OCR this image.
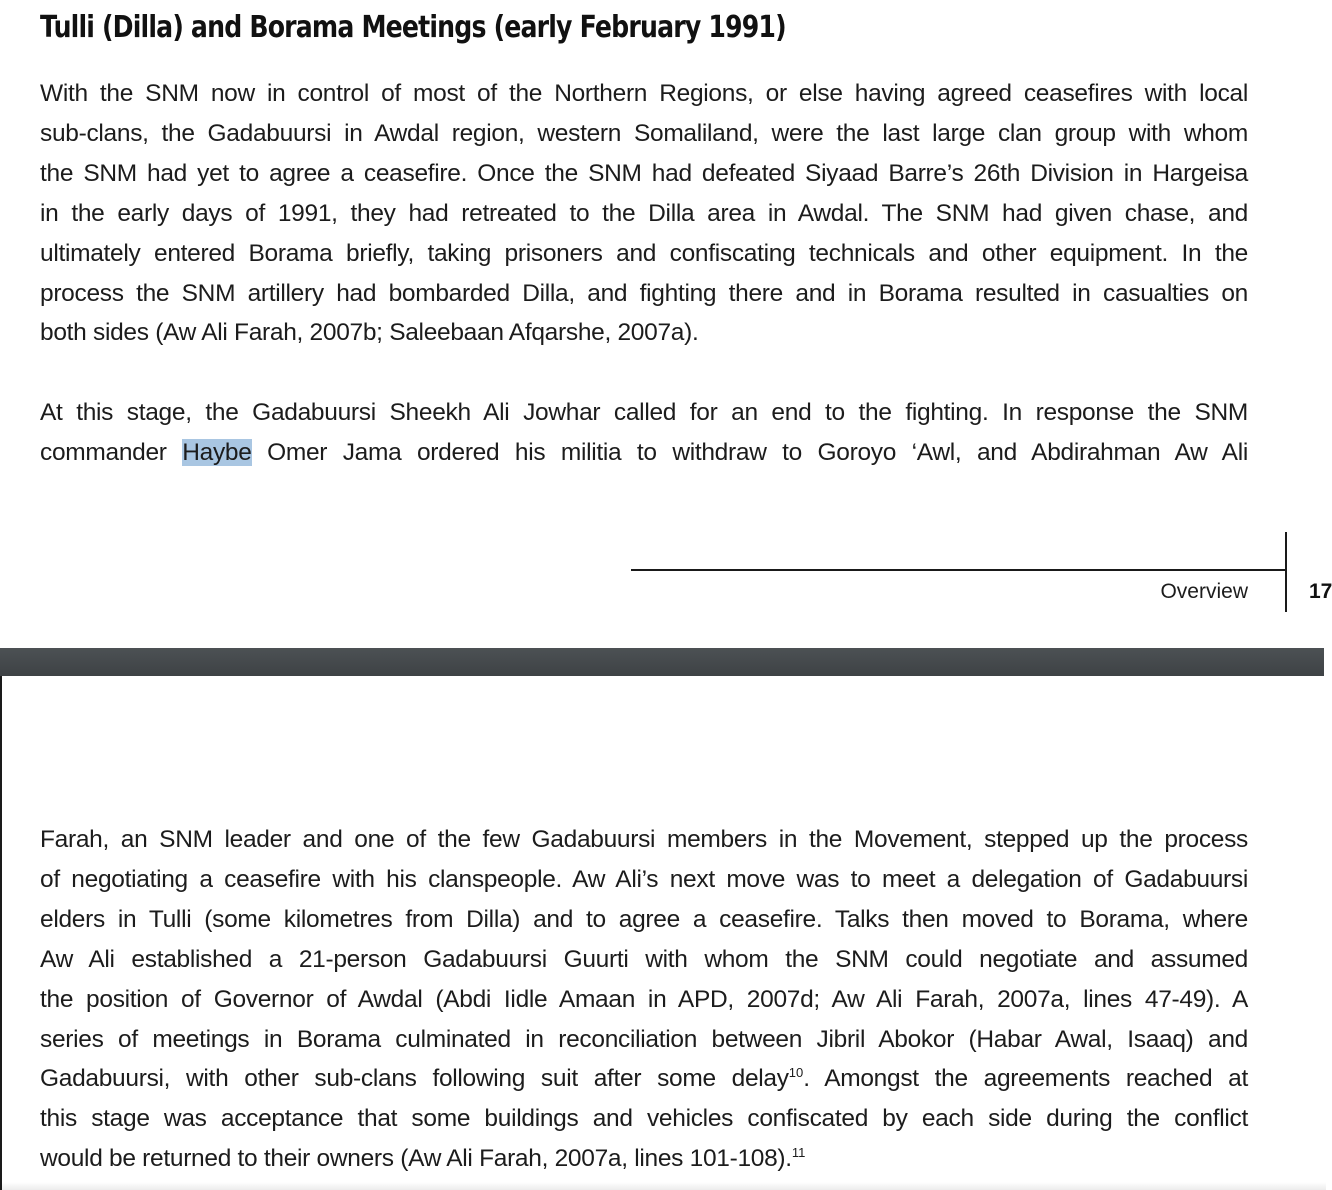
Tulli (Dilla) and Borama Meetings (early February 1991)

With the SNM now in control of most of the Northern Regions, or else having agreed ceasefires with local
sub-clans, the Gadabuursi in Awdal region, western Somaliland, were the last large clan group with whom
the SNM had yet to agree a ceasefire. Once the SNM had defeated Siyaad Barre’s 26th Division in Hargeisa
in the early days of 1991, they had retreated to the Dilla area in Awdal. The SNM had given chase, and
ultimately entered Borama briefly, taking prisoners and confiscating technicals and other equipment. In the
process the SNM artillery had bombarded Dilla, and fighting there and in Borama resulted in casualties on
both sides (Aw Ali Farah, 2007b; Saleebaan Afqarshe, 2007a).

At this stage, the Gadabuursi Sheekh Ali Jowhar called for an end to the fighting. In response the SNM
commander Haybe Omer Jama ordered his militia to withdraw to Goroyo ‘Awl, and Abdirahman Aw Ali

Overview	17

Farah, an SNM leader and one of the few Gadabuursi members in the Movement, stepped up the process
of negotiating a ceasefire with his clanspeople. Aw Ali’s next move was to meet a delegation of Gadabuursi
elders in Tulli (some kilometres from Dilla) and to agree a ceasefire. Talks then moved to Borama, where
Aw Ali established a 21-person Gadabuursi Guurti with whom the SNM could negotiate and assumed
the position of Governor of Awdal (Abdi Iidle Amaan in APD, 2007d; Aw Ali Farah, 2007a, lines 47-49). A
series of meetings in Borama culminated in reconciliation between Jibril Abokor (Habar Awal, Isaaq) and
Gadabuursi, with other sub-clans following suit after some delay$^{10}$. Amongst the agreements reached at
this stage was acceptance that some buildings and vehicles confiscated by each side during the conflict
would be returned to their owners (Aw Ali Farah, 2007a, lines 101-108).$^{11}$
